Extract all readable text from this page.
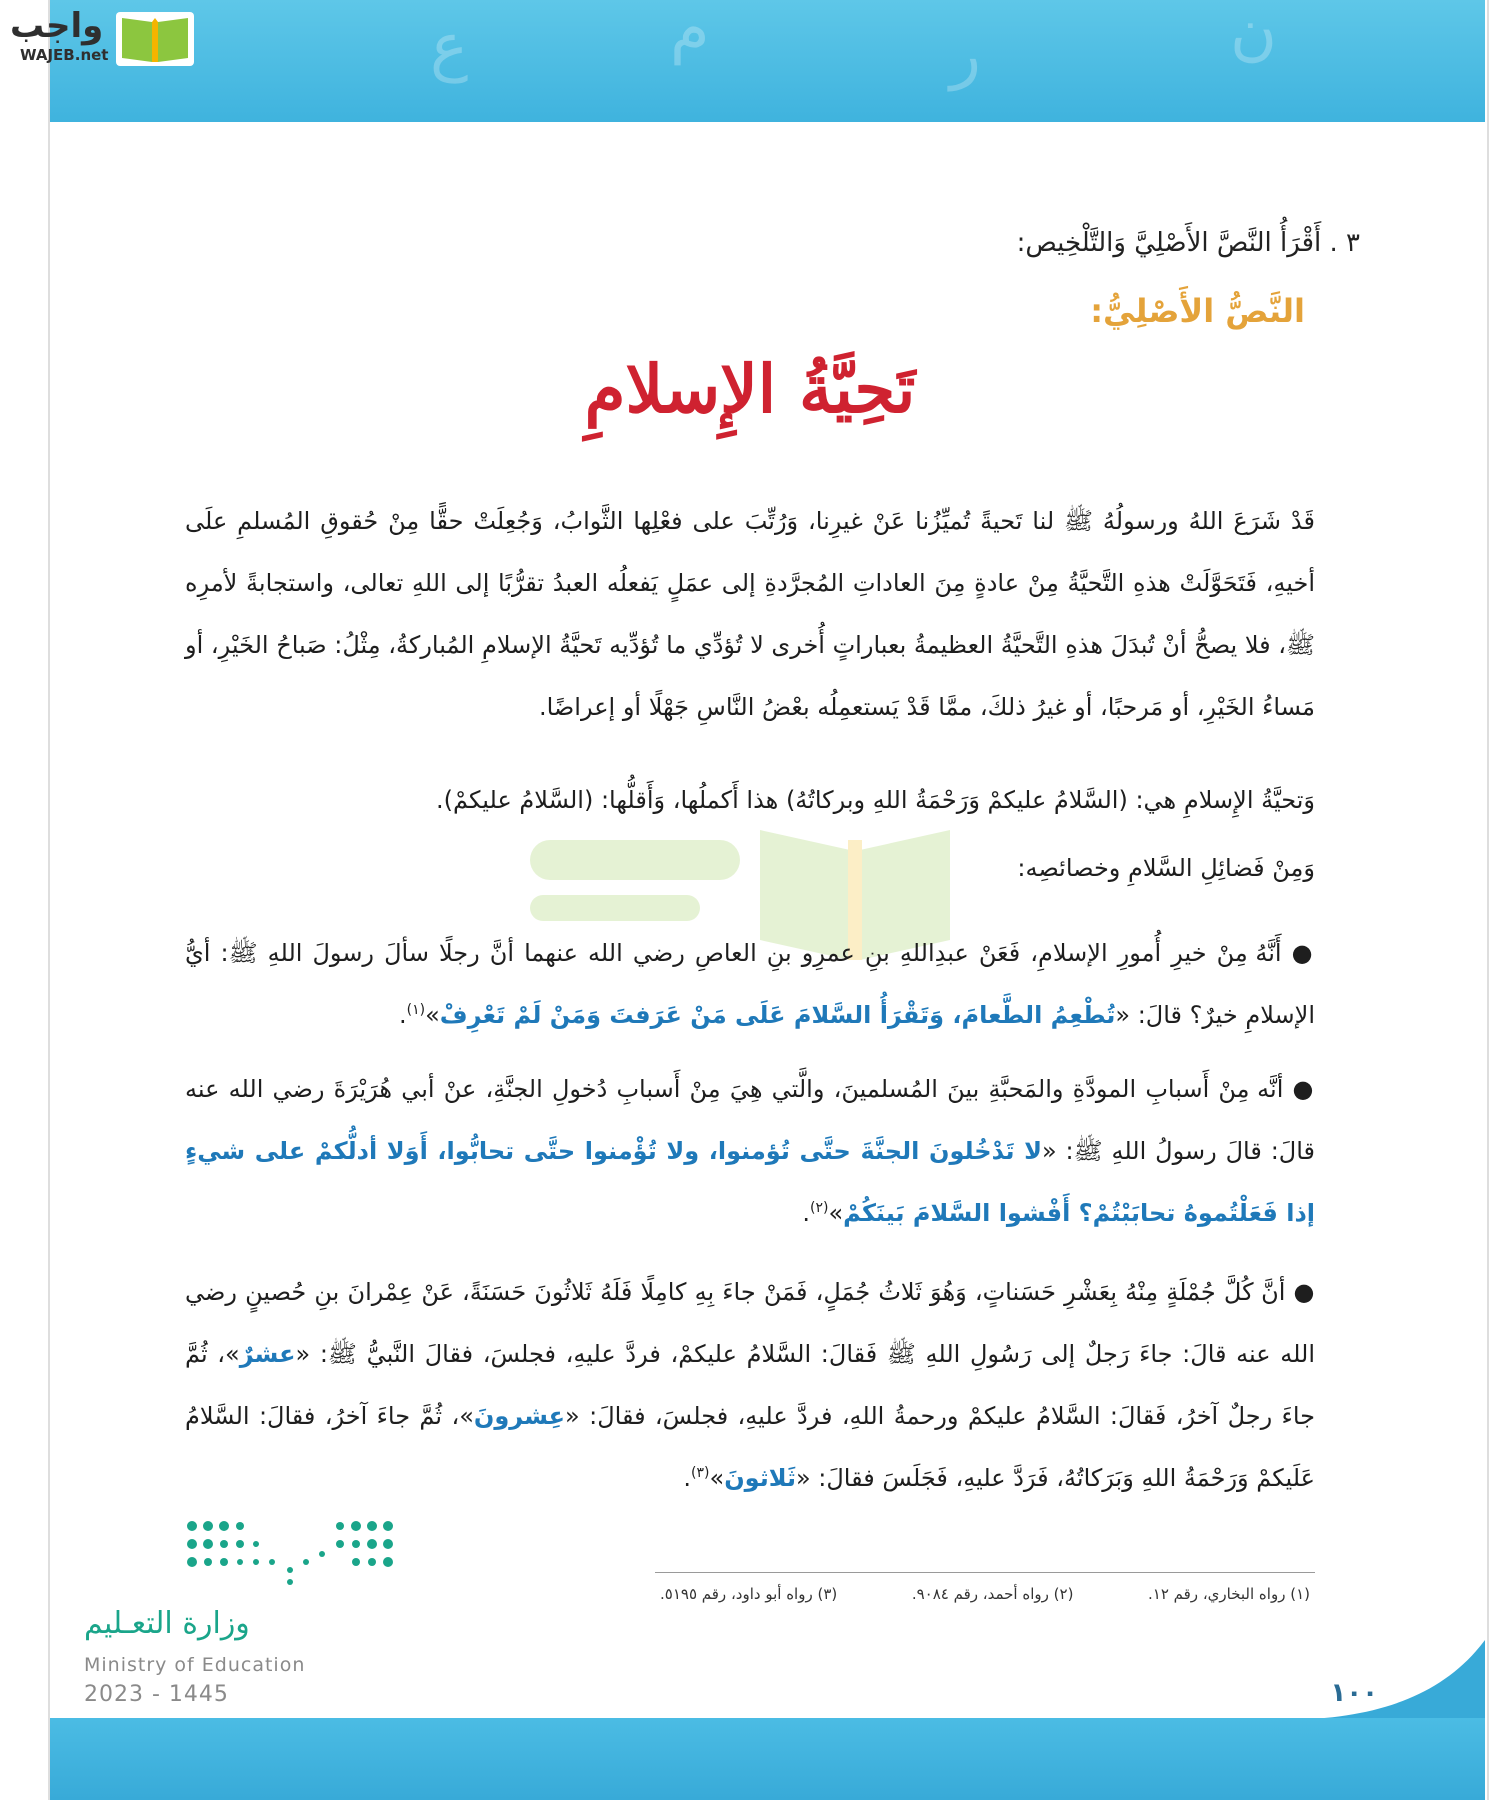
ع	م	ر	ن
واجب
WAJEB.net
٣ . أَقْرَأُ النَّصَّ الأَصْلِيَّ وَالتَّلْخِيص:
النَّصُّ الأَصْلِيُّ:
تَحِيَّةُ الإِسلامِ
قَدْ شَرَعَ اللهُ ورسولُهُ ﷺ لنا تَحيةً تُميِّزُنا عَنْ غيرِنا، وَرُتِّبَ على فعْلِها الثَّوابُ، وَجُعِلَتْ حقًّا مِنْ حُقوقِ المُسلمِ علَى أخيهِ، فَتَحَوَّلَتْ هذهِ التَّحيَّةُ مِنْ عادةٍ مِنَ العاداتِ المُجرَّدةِ إلى عمَلٍ يَفعلُه العبدُ تقرُّبًا إلى اللهِ تعالى، واستجابةً لأمرِه ﷺ، فلا يصحُّ أنْ تُبدَلَ هذهِ التَّحيَّةُ العظيمةُ بعباراتٍ أُخرى لا تُؤدِّي ما تُؤدِّيه تَحيَّةُ الإسلامِ المُباركةُ، مِثْلُ: صَباحُ الخَيْرِ، أو مَساءُ الخَيْرِ، أو مَرحبًا، أو غيرُ ذلكَ، ممَّا قَدْ يَستعمِلُه بعْضُ النَّاسِ جَهْلًا أو إعراضًا.
وَتحيَّةُ الإِسلامِ هي: (السَّلامُ عليكمْ وَرَحْمَةُ اللهِ وبركاتُهُ) هذا أَكملُها، وَأَقلُّها: (السَّلامُ عليكمْ).
وَمِنْ فَضائِلِ السَّلامِ وخصائصِه:
● أَنَّهُ مِنْ خيرِ أُمورِ الإسلامِ، فَعَنْ عبدِاللهِ بنِ عمرِو بنِ العاصِ رضي الله عنهما أنَّ رجلًا سألَ رسولَ اللهِ ﷺ: أيُّ الإسلامِ خيرٌ؟ قالَ: «تُطْعِمُ الطَّعامَ، وَتَقْرَأُ السَّلامَ عَلَى مَنْ عَرَفتَ وَمَنْ لَمْ تَعْرِفْ»$^{(١)}$.
● أنَّه مِنْ أَسبابِ المودَّةِ والمَحبَّةِ بينَ المُسلمينَ، والَّتي هِيَ مِنْ أَسبابِ دُخولِ الجنَّةِ، عنْ أبي هُرَيْرَةَ رضي الله عنه قالَ: قالَ رسولُ اللهِ ﷺ: «لا تَدْخُلونَ الجنَّةَ حتَّى تُؤمنوا، ولا تُؤْمنوا حتَّى تحابُّوا، أَوَلا أدلُّكمْ على شيءٍ إذا فَعَلْتُموهُ تحابَبْتُمْ؟ أَفْشوا السَّلامَ بَينَكُمْ»$^{(٢)}$.
● أنَّ كُلَّ جُمْلَةٍ مِنْهُ بِعَشْرِ حَسَناتٍ، وَهُوَ ثَلاثُ جُمَلٍ، فَمَنْ جاءَ بِهِ كامِلًا فَلَهُ ثَلاثُونَ حَسَنَةً، عَنْ عِمْرانَ بنِ حُصينٍ رضي الله عنه قالَ: جاءَ رَجلٌ إلى رَسُولِ اللهِ ﷺ فَقالَ: السَّلامُ عليكمْ، فردَّ عليهِ، فجلسَ، فقالَ النَّبيُّ ﷺ: «عشرٌ»، ثُمَّ جاءَ رجلٌ آخرُ، فَقالَ: السَّلامُ عليكمْ ورحمةُ اللهِ، فردَّ عليهِ، فجلسَ، فقالَ: «عِشرونَ»، ثُمَّ جاءَ آخرُ، فقالَ: السَّلامُ عَلَيكمْ وَرَحْمَةُ اللهِ وَبَرَكاتُهُ، فَرَدَّ عليهِ، فَجَلَسَ فقالَ: «ثَلاثونَ»$^{(٣)}$.
وزارة التعـليم
Ministry of Education
2023 - 1445
(١) رواه البخاري، رقم ١٢.
(٢) رواه أحمد، رقم ٩٠٨٤.
(٣) رواه أبو داود، رقم ٥١٩٥.
١٠٠
